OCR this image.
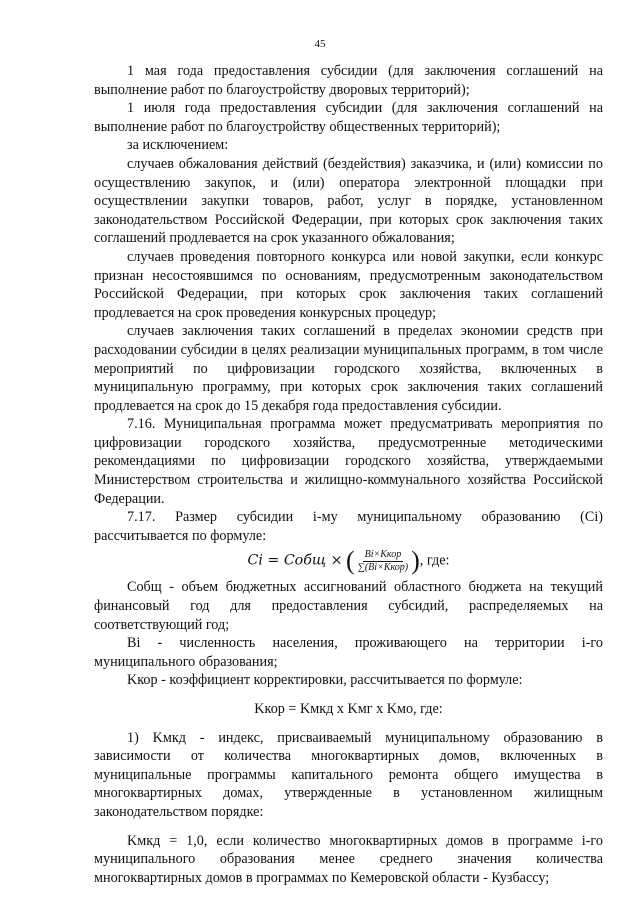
45

1 мая года предоставления субсидии (для заключения соглашений на выполнение работ по благоустройству дворовых территорий);

1 июля года предоставления субсидии (для заключения соглашений на выполнение работ по благоустройству общественных территорий);

за исключением:

случаев обжалования действий (бездействия) заказчика, и (или) комиссии по осуществлению закупок, и (или) оператора электронной площадки при осуществлении закупки товаров, работ, услуг в порядке, установленном законодательством Российской Федерации, при которых срок заключения таких соглашений продлевается на срок указанного обжалования;

случаев проведения повторного конкурса или новой закупки, если конкурс признан несостоявшимся по основаниям, предусмотренным законодательством Российской Федерации, при которых срок заключения таких соглашений продлевается на срок проведения конкурсных процедур;

случаев заключения таких соглашений в пределах экономии средств при расходовании субсидии в целях реализации муниципальных программ, в том числе мероприятий по цифровизации городского хозяйства, включенных в муниципальную программу, при которых срок заключения таких соглашений продлевается на срок до 15 декабря года предоставления субсидии.

7.16. Муниципальная программа может предусматривать мероприятия по цифровизации городского хозяйства, предусмотренные методическими рекомендациями по цифровизации городского хозяйства, утверждаемыми Министерством строительства и жилищно-коммунального хозяйства Российской Федерации.

7.17. Размер субсидии i-му муниципальному образованию (Ci) рассчитывается по формуле:

Ci = Cобщ × ( $\frac{\text{Bi×Kкор}}{\text{∑(Bi×Kкор)}}$ ), где:

Cобщ - объем бюджетных ассигнований областного бюджета на текущий финансовый год для предоставления субсидий, распределяемых на соответствующий год;

Bi - численность населения, проживающего на территории i-го муниципального образования;

Kкор - коэффициент корректировки, рассчитывается по формуле:

Kкор = Kмкд x Kмг x Kмо, где:

1) Kмкд - индекс, присваиваемый муниципальному образованию в зависимости от количества многоквартирных домов, включенных в муниципальные программы капитального ремонта общего имущества в многоквартирных домах, утвержденные в установленном жилищным законодательством порядке:

Kмкд = 1,0, если количество многоквартирных домов в программе i-го муниципального образования менее среднего значения количества многоквартирных домов в программах по Кемеровской области - Кузбассу;
